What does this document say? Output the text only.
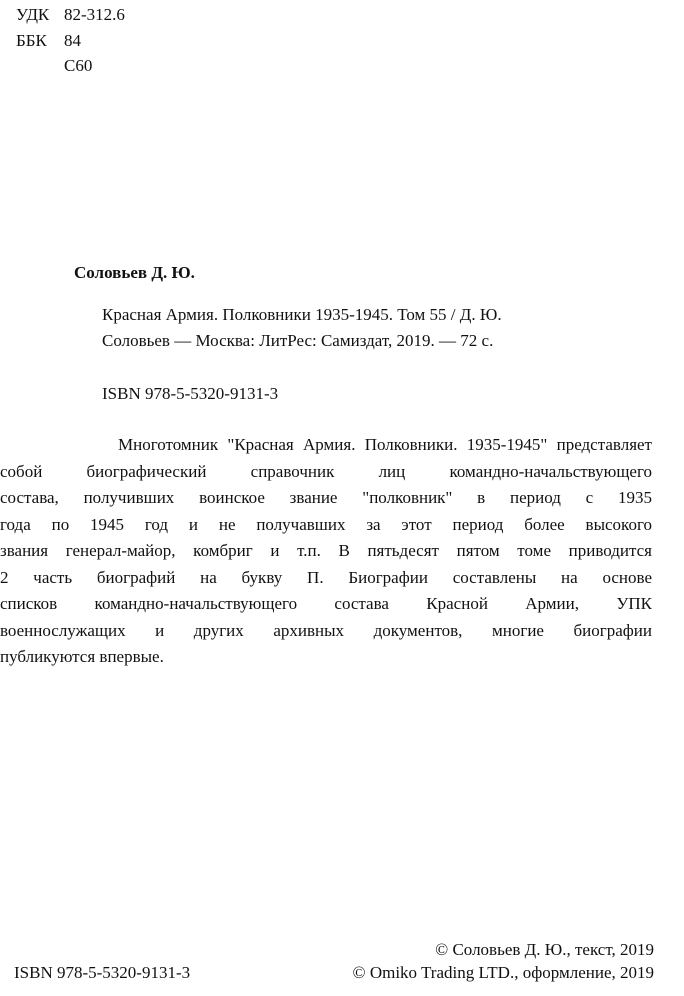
УДК 82-312.6
ББК 84
С60
Соловьев Д. Ю.
Красная Армия. Полковники 1935-1945. Том 55 / Д. Ю.
Соловьев — Москва: ЛитРес: Самиздат, 2019. — 72 с.
ISBN 978-5-5320-9131-3
Многотомник "Красная Армия. Полковники. 1935-1945" представляет
собой биографический справочник лиц командно-начальствующего
состава, получивших воинское звание "полковник" в период с 1935
года по 1945 год и не получавших за этот период более высокого
звания генерал-майор, комбриг и т.п. В пятьдесят пятом томе приводится
2 часть биографий на букву П. Биографии составлены на основе
списков командно-начальствующего состава Красной Армии, УПК
военнослужащих и других архивных документов, многие биографии
публикуются впервые.
ISBN 978-5-5320-9131-3
© Соловьев Д. Ю., текст, 2019
© Omiko Trading LTD., оформление, 2019
